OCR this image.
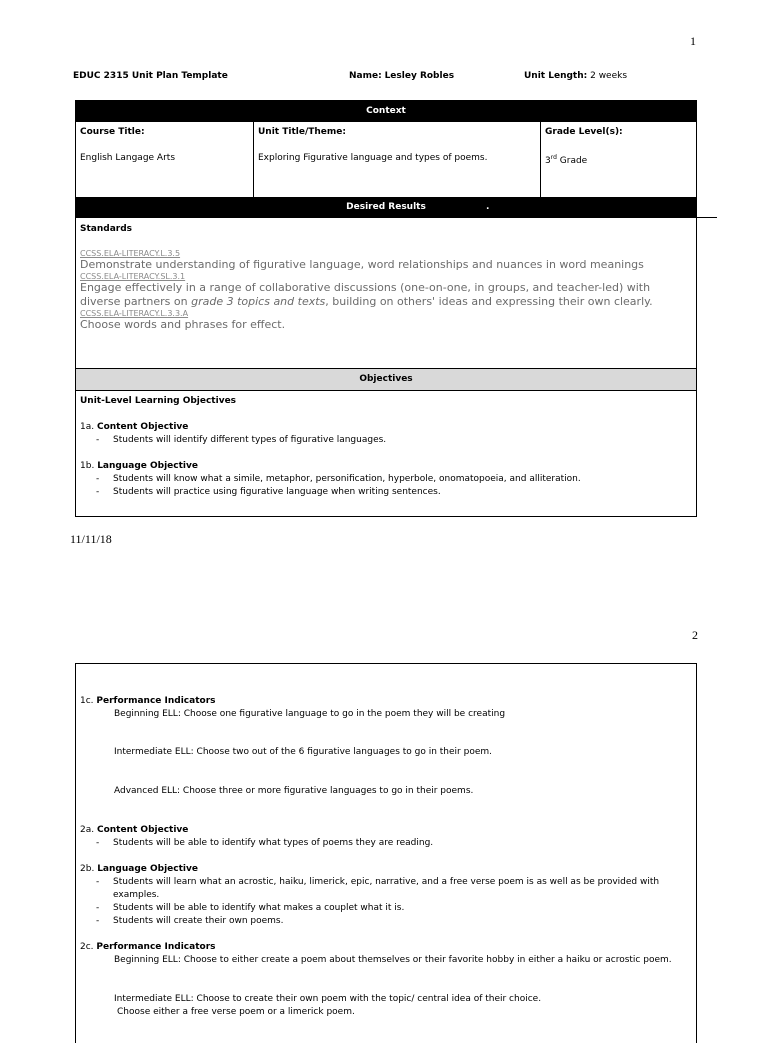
1
EDUC 2315 Unit Plan Template	Name: Lesley Robles	Unit Length: 2 weeks
Context
Course Title:
English Langage Arts
Unit Title/Theme:
Exploring Figurative language and types of poems.
Grade Level(s):
3rd Grade
Desired Results	.
Standards
CCSS.ELA-LITERACY.L.3.5
Demonstrate understanding of figurative language, word relationships and nuances in word meanings
CCSS.ELA-LITERACY.SL.3.1
Engage effectively in a range of collaborative discussions (one-on-one, in groups, and teacher-led) with diverse partners on grade 3 topics and texts, building on others' ideas and expressing their own clearly.
CCSS.ELA-LITERACY.L.3.3.A
Choose words and phrases for effect.
Objectives
Unit-Level Learning Objectives
1a. Content Objective
- Students will identify different types of figurative languages.
1b. Language Objective
- Students will know what a simile, metaphor, personification, hyperbole, onomatopoeia, and alliteration.
- Students will practice using figurative language when writing sentences.
11/11/18
2
1c. Performance Indicators
Beginning ELL: Choose one figurative language to go in the poem they will be creating
Intermediate ELL: Choose two out of the 6 figurative languages to go in their poem.
Advanced ELL: Choose three or more figurative languages to go in their poems.
2a. Content Objective
- Students will be able to identify what types of poems they are reading.
2b. Language Objective
- Students will learn what an acrostic, haiku, limerick, epic, narrative, and a free verse poem is as well as be provided with examples.
- Students will be able to identify what makes a couplet what it is.
- Students will create their own poems.
2c. Performance Indicators
Beginning ELL: Choose to either create a poem about themselves or their favorite hobby in either a haiku or acrostic poem.
Intermediate ELL: Choose to create their own poem with the topic/ central idea of their choice.
Choose either a free verse poem or a limerick poem.
